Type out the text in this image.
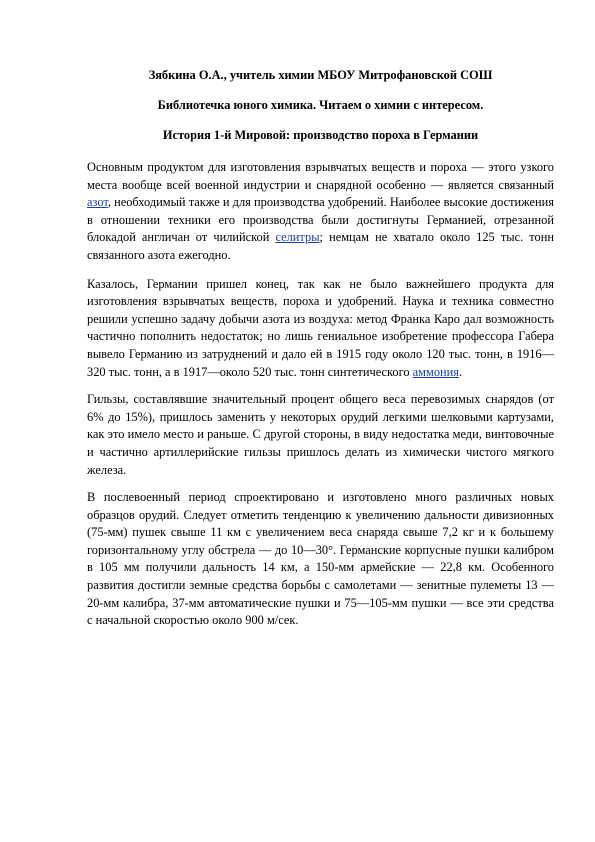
Зябкина О.А., учитель химии МБОУ Митрофановской СОШ

Библиотечка юного химика. Читаем о химии с интересом.

История 1-й Мировой: производство пороха в Германии

Основным продуктом для изготовления взрывчатых веществ и пороха — этого узкого места вообще всей военной индустрии и снарядной особенно — является связанный азот, необходимый также и для производства удобрений. Наиболее высокие достижения в отношении техники его производства были достигнуты Германией, отрезанной блокадой англичан от чилийской селитры; немцам не хватало около 125 тыс. тонн связанного азота ежегодно.

Казалось, Германии пришел конец, так как не было важнейшего продукта для изготовления взрывчатых веществ, пороха и удобрений. Наука и техника совместно решили успешно задачу добычи азота из воздуха: метод Франка Каро дал возможность частично пополнить недостаток; но лишь гениальное изобретение профессора Габера вывело Германию из затруднений и дало ей в 1915 году около 120 тыс. тонн, в 1916—320 тыс. тонн, а в 1917—около 520 тыс. тонн синтетического аммония.

Гильзы, составлявшие значительный процент общего веса перевозимых снарядов (от 6% до 15%), пришлось заменить у некоторых орудий легкими шелковыми картузами, как это имело место и раньше. С другой стороны, в виду недостатка меди, винтовочные и частично артиллерийские гильзы пришлось делать из химически чистого мягкого железа.

В послевоенный период спроектировано и изготовлено много различных новых образцов орудий. Следует отметить тенденцию к увеличению дальности дивизионных (75-мм) пушек свыше 11 км с увеличением веса снаряда свыше 7,2 кг и к большему горизонтальному углу обстрела — до 10—30°. Германские корпусные пушки калибром в 105 мм получили дальность 14 км, а 150-мм армейские — 22,8 км. Особенного развития достигли земные средства борьбы с самолетами — зенитные пулеметы 13 — 20-мм калибра, 37-мм автоматические пушки и 75—105-мм пушки — все эти средства с начальной скоростью около 900 м/сек.
